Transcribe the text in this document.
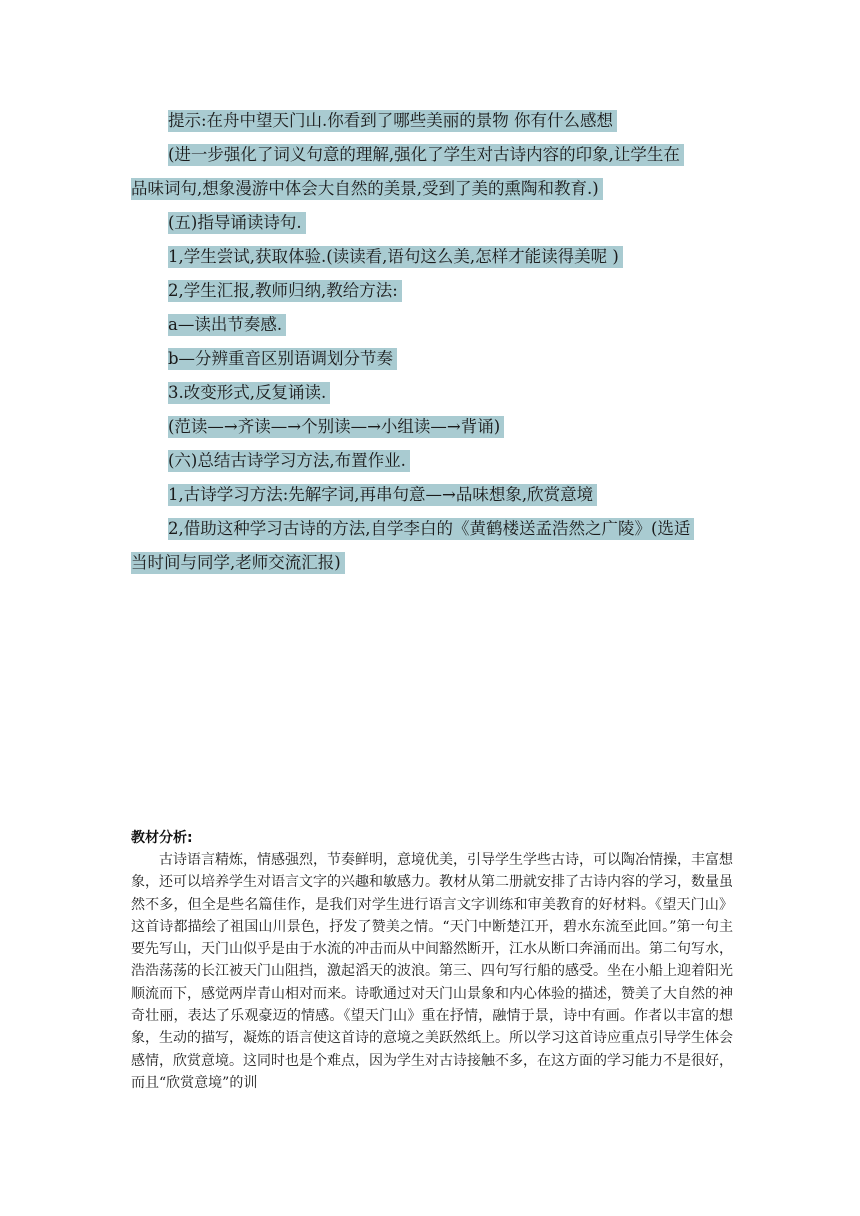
提示:在舟中望天门山.你看到了哪些美丽的景物 你有什么感想
(进一步强化了词义句意的理解,强化了学生对古诗内容的印象,让学生在
品味词句,想象漫游中体会大自然的美景,受到了美的熏陶和教育.)
(五)指导诵读诗句.
1,学生尝试,获取体验.(读读看,语句这么美,怎样才能读得美呢 )
2,学生汇报,教师归纳,教给方法:
a—读出节奏感.
b—分辨重音区别语调划分节奏
3.改变形式,反复诵读.
(范读—→齐读—→个别读—→小组读—→背诵)
(六)总结古诗学习方法,布置作业.
1,古诗学习方法:先解字词,再串句意—→品味想象,欣赏意境
2,借助这种学习古诗的方法,自学李白的《黄鹤楼送孟浩然之广陵》(选适
当时间与同学,老师交流汇报)
教材分析:

古诗语言精炼，情感强烈，节奏鲜明，意境优美，引导学生学些古诗，可以陶冶情操，丰富想象，还可以培养学生对语言文字的兴趣和敏感力。教材从第二册就安排了古诗内容的学习，数量虽然不多，但全是些名篇佳作，是我们对学生进行语言文字训练和审美教育的好材料。《望天门山》这首诗都描绘了祖国山川景色，抒发了赞美之情。“天门中断楚江开，碧水东流至此回。”第一句主要先写山，天门山似乎是由于水流的冲击而从中间豁然断开，江水从断口奔涌而出。第二句写水，浩浩荡荡的长江被天门山阻挡，激起滔天的波浪。第三、四句写行船的感受。坐在小船上迎着阳光顺流而下，感觉两岸青山相对而来。诗歌通过对天门山景象和内心体验的描述，赞美了大自然的神奇壮丽，表达了乐观豪迈的情感。《望天门山》重在抒情，融情于景，诗中有画。作者以丰富的想象，生动的描写，凝炼的语言使这首诗的意境之美跃然纸上。所以学习这首诗应重点引导学生体会感情，欣赏意境。这同时也是个难点，因为学生对古诗接触不多，在这方面的学习能力不是很好，而且“欣赏意境”的训
